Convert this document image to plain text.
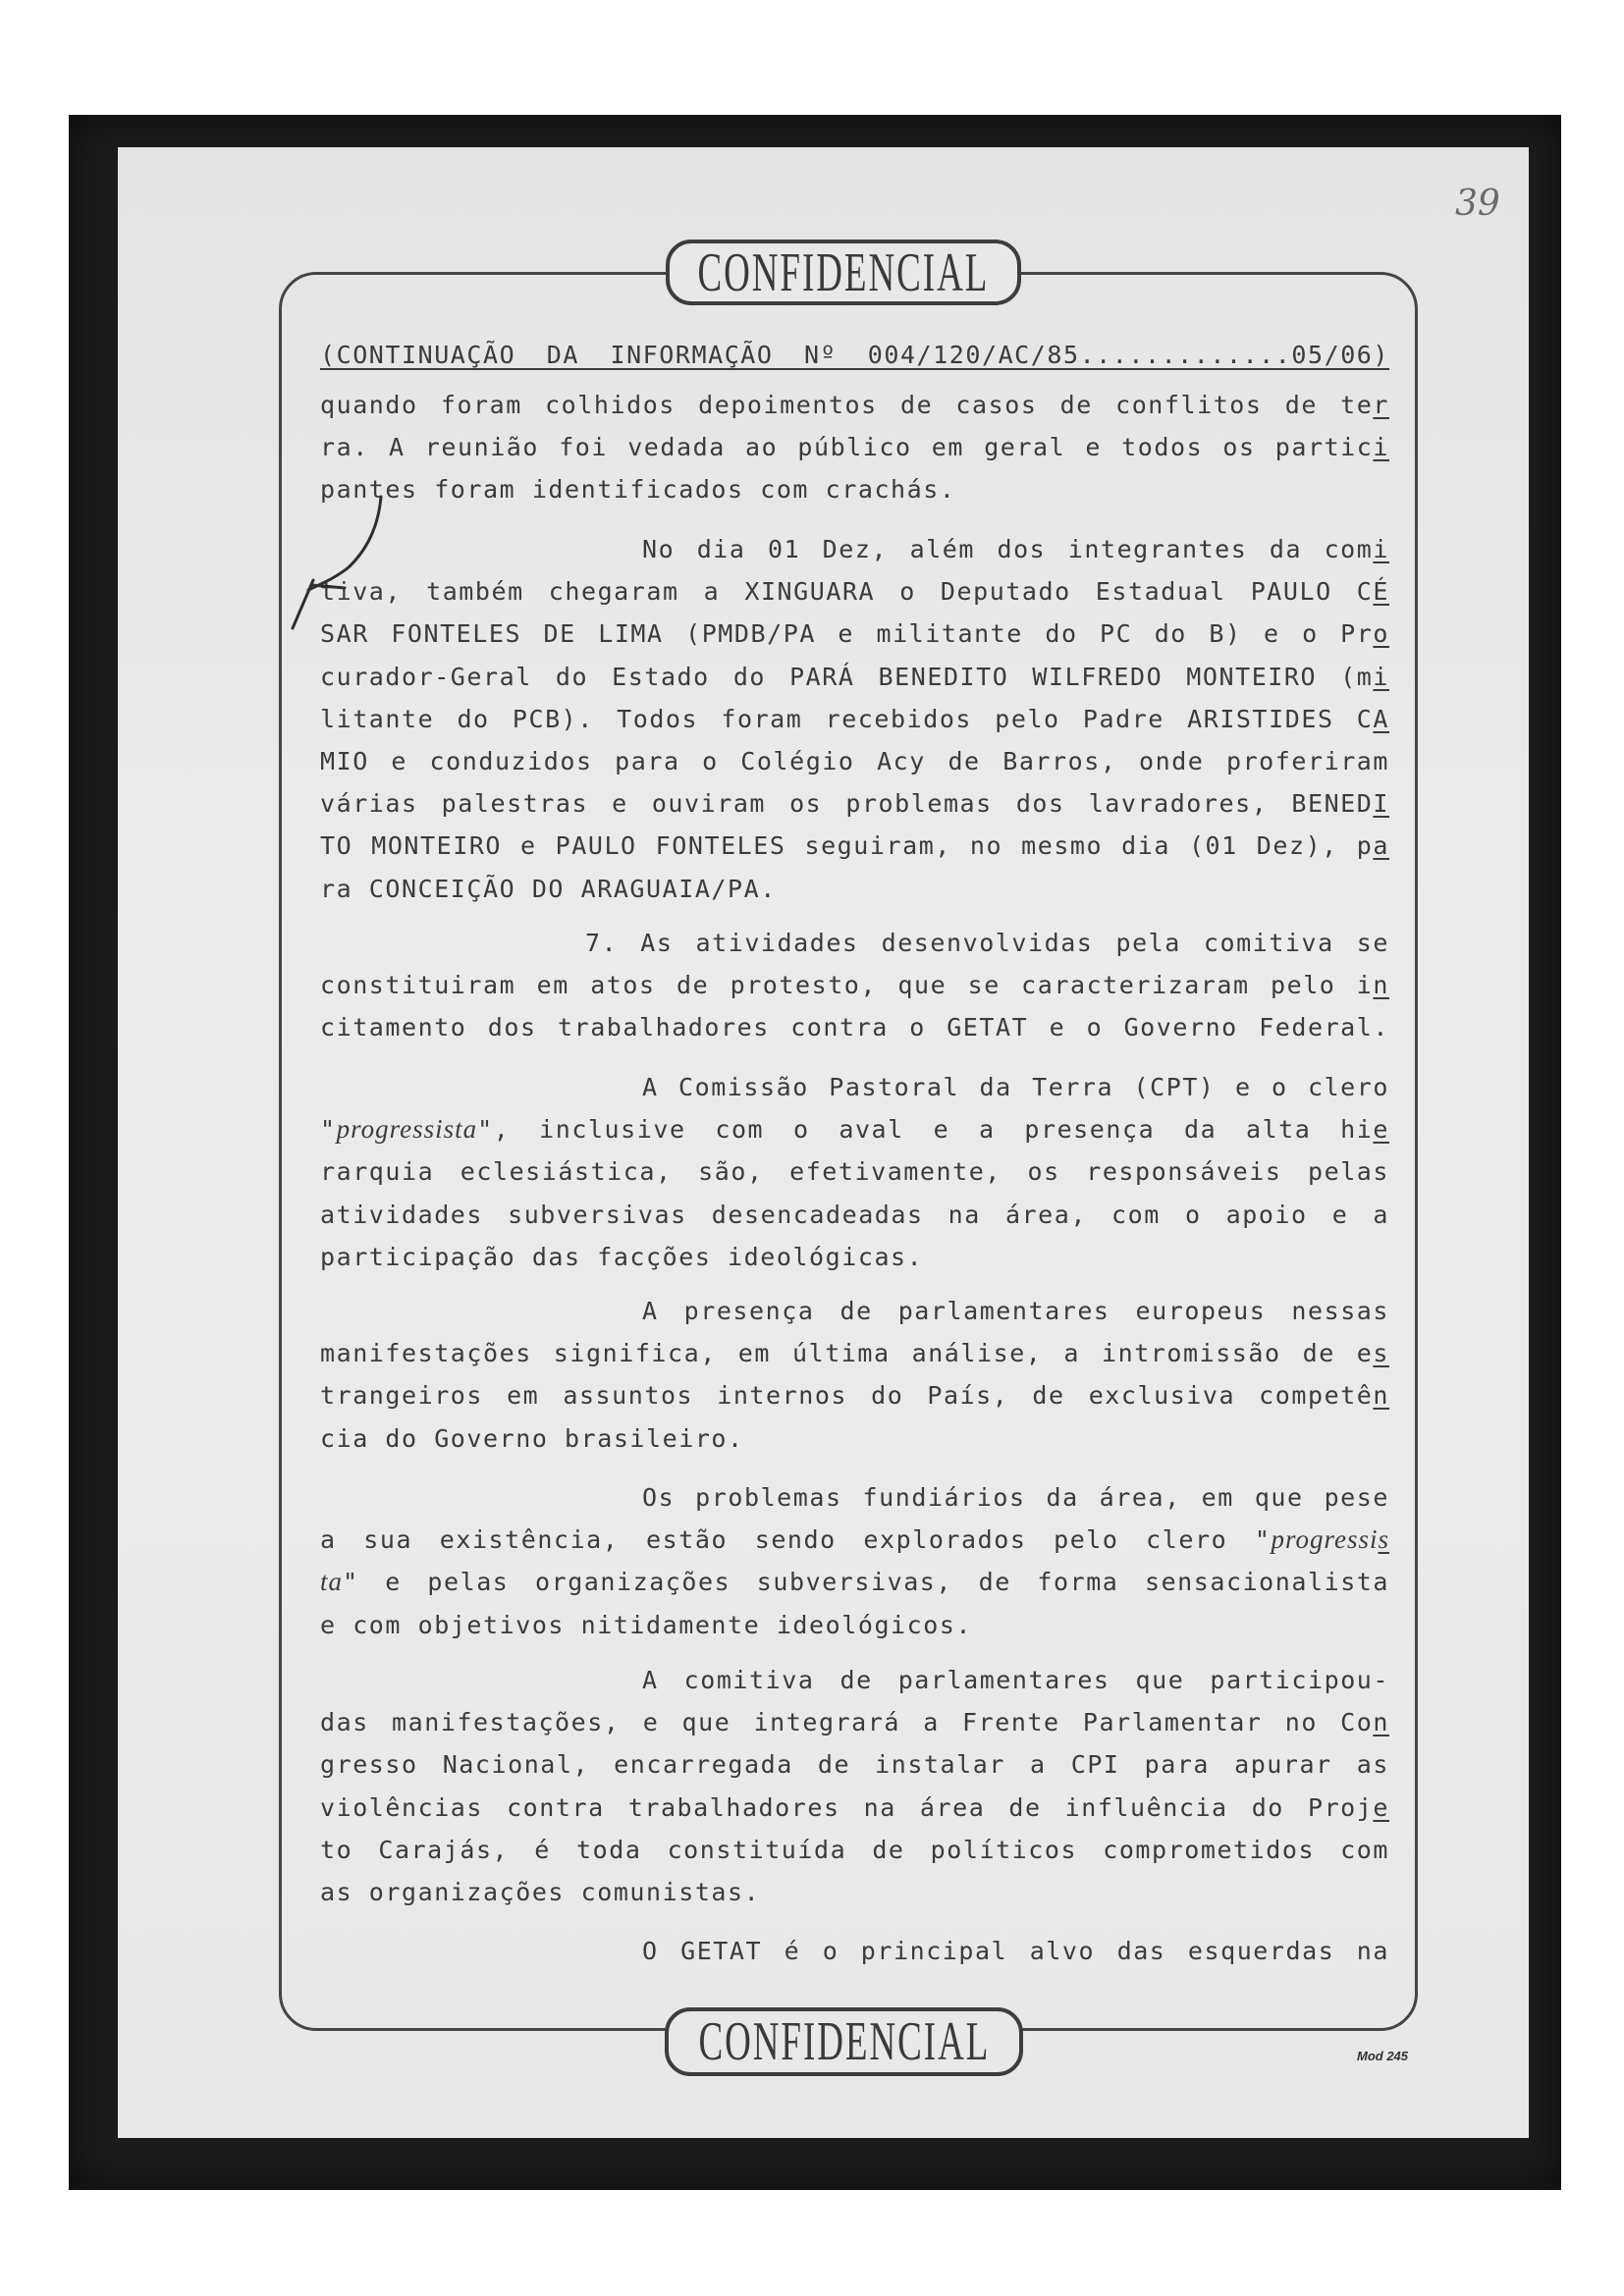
39
CONFIDENCIAL
(CONTINUAÇÃO DA INFORMAÇÃO Nº 004/120/AC/85.............05/06)
quando foram colhidos depoimentos de casos de conflitos de ter
ra. A reunião foi vedada ao público em geral e todos os partici
pantes foram identificados com crachás.
No dia 01 Dez, além dos integrantes da comi
tiva, também chegaram a XINGUARA o Deputado Estadual PAULO CÉ
SAR FONTELES DE LIMA (PMDB/PA e militante do PC do B) e o Pro
curador-Geral do Estado do PARÁ BENEDITO WILFREDO MONTEIRO (mi
litante do PCB). Todos foram recebidos pelo Padre ARISTIDES CA
MIO e conduzidos para o Colégio Acy de Barros, onde proferiram
várias palestras e ouviram os problemas dos lavradores, BENEDI
TO MONTEIRO e PAULO FONTELES seguiram, no mesmo dia (01 Dez), pa
ra CONCEIÇÃO DO ARAGUAIA/PA.
7. As atividades desenvolvidas pela comitiva se
constituiram em atos de protesto, que se caracterizaram pelo in
citamento dos trabalhadores contra o GETAT e o Governo Federal.
A Comissão Pastoral da Terra (CPT) e o clero
"progressista", inclusive com o aval e a presença da alta hie
rarquia eclesiástica, são, efetivamente, os responsáveis pelas
atividades subversivas desencadeadas na área, com o apoio e a
participação das facções ideológicas.
A presença de parlamentares europeus nessas
manifestações significa, em última análise, a intromissão de es
trangeiros em assuntos internos do País, de exclusiva competên
cia do Governo brasileiro.
Os problemas fundiários da área, em que pese
a sua existência, estão sendo explorados pelo clero "progressis
ta" e pelas organizações subversivas, de forma sensacionalista
e com objetivos nitidamente ideológicos.
A comitiva de parlamentares que participou-
das manifestações, e que integrará a Frente Parlamentar no Con
gresso Nacional, encarregada de instalar a CPI para apurar as
violências contra trabalhadores na área de influência do Proje
to Carajás, é toda constituída de políticos comprometidos com
as organizações comunistas.
O GETAT é o principal alvo das esquerdas na
CONFIDENCIAL	Mod 245
